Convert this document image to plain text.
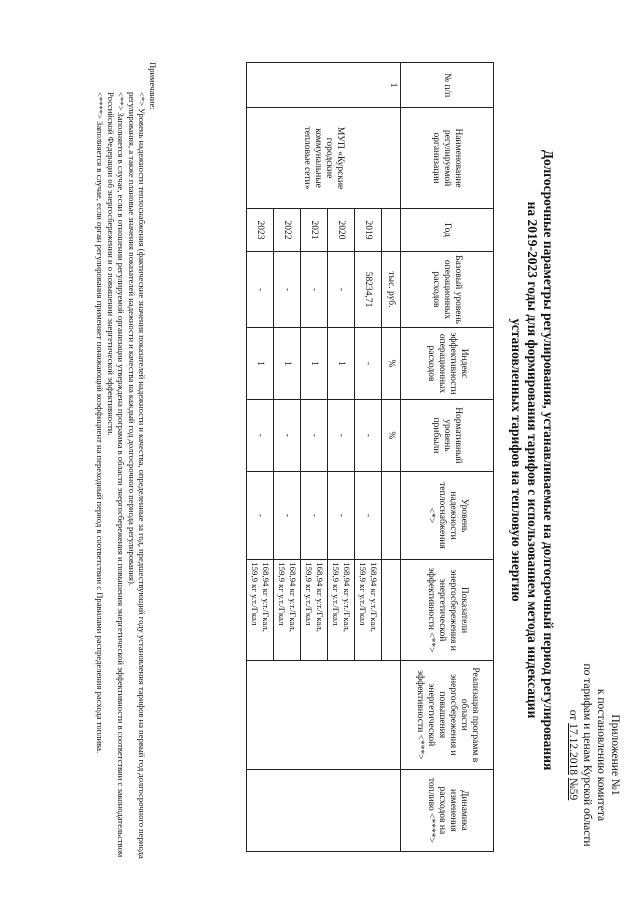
Приложение №1
к постановлению комитета
по тарифам и ценам Курской области
от 17.12.2018 №59
Долгосрочные параметры регулирования, устанавливаемые на долгосрочный период регулирования
на 2019-2023 годы для формирования тарифов с использованием метода индексации
установленных тарифов на тепловую энергию
№ п/п	Наименование регулируемой организации	Год	Базовый уровень операционных расходов	Индекс эффективности операционных расходов	Нормативный уровень прибыли	Уровень надежности теплоснабжения <*>	Показатели энергосбережения и энергетической эффективности <**>	Реализация программ в области энергосбережения и повышения энергетической эффективности <***>	Динамика изменения расходов на топливо <****>
1	МУП «Курские городские коммунальные тепловые сети»		тыс. руб.	%	%				
		2019	58234,71	-	-	-	168,94 кг у.т./Гкал,
159,9 кг у.т./Гкал		

		2020	-	1	-	-	168,94 кг у.т./Гкал,
159,9 кг у.т./Гкал		

		2021	-	1	-	-	168,94 кг у.т./Гкал,
159,9 кг у.т./Гкал		

		2022	-	1	-	-	168,94 кг у.т./Гкал,
159,9 кг у.т./Гкал		

		2023	-	1	-	-	168,94 кг у.т./Гкал,
159,9 кг у.т./Гкал		
Примечание:
<*> Уровень надежности теплоснабжения (фактические значения показателей надежности и качества, определенные за год, предшествующий году установления тарифов на первый год долгосрочного периода регулирования, а также плановые значения показателей надежности и качества на каждый год долгосрочного периода регулирования).
<**> Заполняется в случае, если в отношении регулируемой организации утверждена программа в области энергосбережения и повышения энергетической эффективности в соответствии с законодательством Российской Федерации об энергосбережении и о повышении энергетической эффективности.
<****> Заполняется в случае, если орган регулирования применяет понижающий коэффициент на переходный период в соответствии с Правилами распределения расхода топлива.
